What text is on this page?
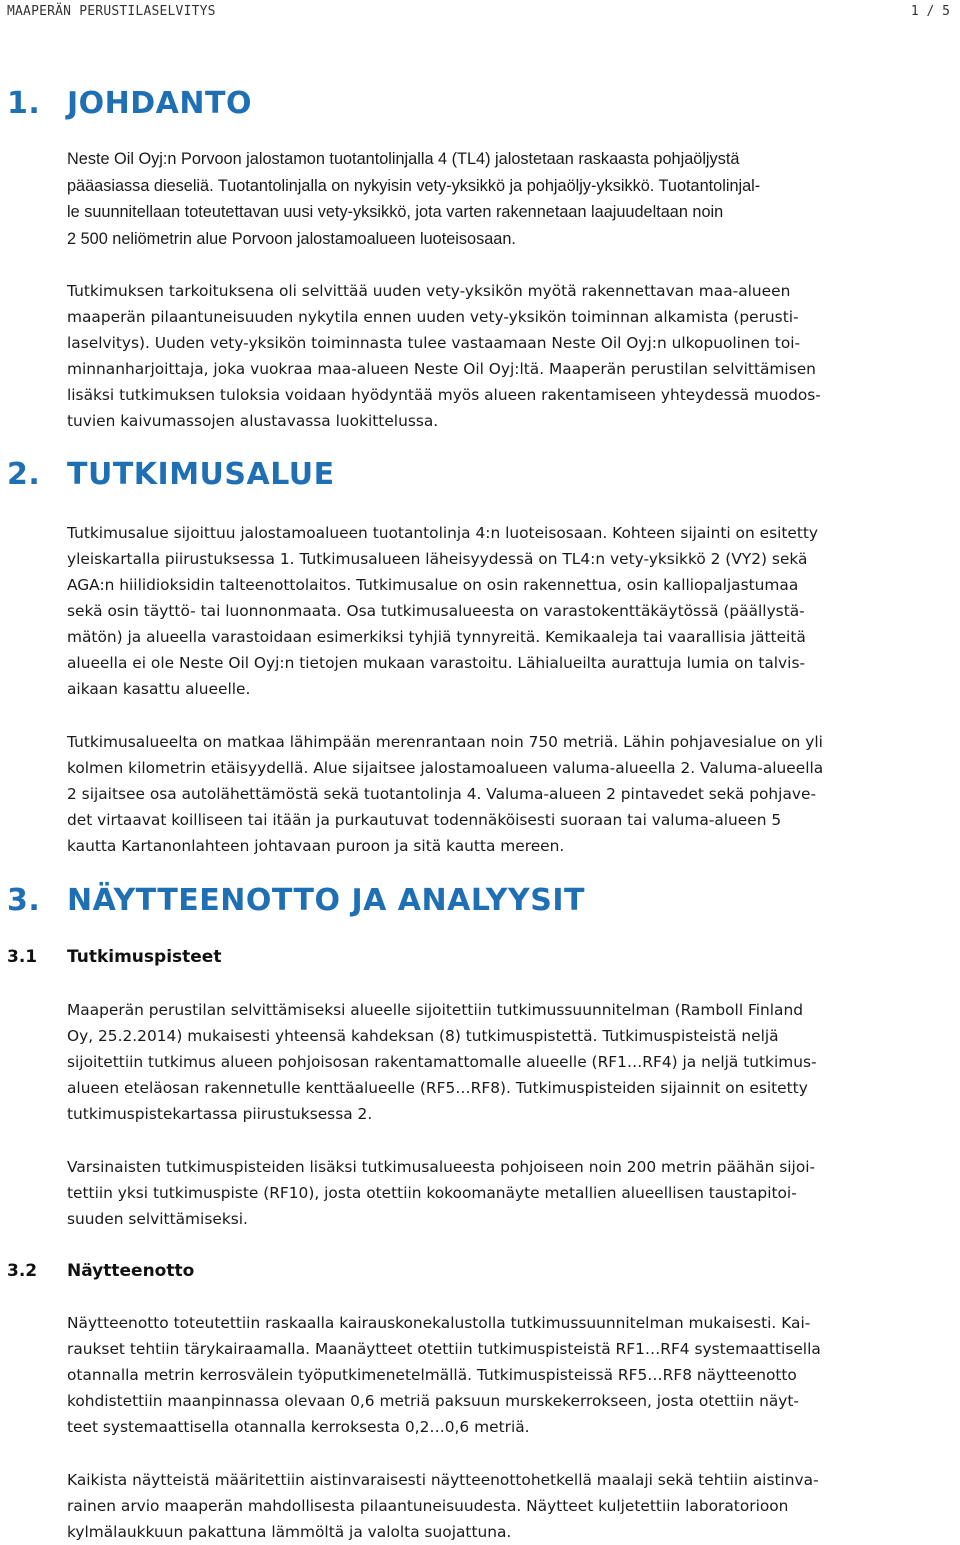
MAAPERÄN PERUSTILASELVITYS	1 / 5
1. JOHDANTO
Neste Oil Oyj:n Porvoon jalostamon tuotantolinjalla 4 (TL4) jalostetaan raskaasta pohjaöljystä
pääasiassa dieseliä. Tuotantolinjalla on nykyisin vety-yksikkö ja pohjaöljy-yksikkö. Tuotantolinjal-
le suunnitellaan toteutettavan uusi vety-yksikkö, jota varten rakennetaan laajuudeltaan noin
2 500 neliömetrin alue Porvoon jalostamoalueen luoteisosaan.
Tutkimuksen tarkoituksena oli selvittää uuden vety-yksikön myötä rakennettavan maa-alueen
maaperän pilaantuneisuuden nykytila ennen uuden vety-yksikön toiminnan alkamista (perusti-
laselvitys). Uuden vety-yksikön toiminnasta tulee vastaamaan Neste Oil Oyj:n ulkopuolinen toi-
minnanharjoittaja, joka vuokraa maa-alueen Neste Oil Oyj:ltä. Maaperän perustilan selvittämisen
lisäksi tutkimuksen tuloksia voidaan hyödyntää myös alueen rakentamiseen yhteydessä muodos-
tuvien kaivumassojen alustavassa luokittelussa.
2. TUTKIMUSALUE
Tutkimusalue sijoittuu jalostamoalueen tuotantolinja 4:n luoteisosaan. Kohteen sijainti on esitetty
yleiskartalla piirustuksessa 1. Tutkimusalueen läheisyydessä on TL4:n vety-yksikkö 2 (VY2) sekä
AGA:n hiilidioksidin talteenottolaitos. Tutkimusalue on osin rakennettua, osin kalliopaljastumaa
sekä osin täyttö- tai luonnonmaata. Osa tutkimusalueesta on varastokenttäkäytössä (päällystä-
mätön) ja alueella varastoidaan esimerkiksi tyhjiä tynnyreitä. Kemikaaleja tai vaarallisia jätteitä
alueella ei ole Neste Oil Oyj:n tietojen mukaan varastoitu. Lähialueilta aurattuja lumia on talvis-
aikaan kasattu alueelle.
Tutkimusalueelta on matkaa lähimpään merenrantaan noin 750 metriä. Lähin pohjavesialue on yli
kolmen kilometrin etäisyydellä. Alue sijaitsee jalostamoalueen valuma-alueella 2. Valuma-alueella
2 sijaitsee osa autolähettämöstä sekä tuotantolinja 4. Valuma-alueen 2 pintavedet sekä pohjave-
det virtaavat koilliseen tai itään ja purkautuvat todennäköisesti suoraan tai valuma-alueen 5
kautta Kartanonlahteen johtavaan puroon ja sitä kautta mereen.
3. NÄYTTEENOTTO JA ANALYYSIT
3.1 Tutkimuspisteet
Maaperän perustilan selvittämiseksi alueelle sijoitettiin tutkimussuunnitelman (Ramboll Finland
Oy, 25.2.2014) mukaisesti yhteensä kahdeksan (8) tutkimuspistettä. Tutkimuspisteistä neljä
sijoitettiin tutkimus alueen pohjoisosan rakentamattomalle alueelle (RF1…RF4) ja neljä tutkimus-
alueen eteläosan rakennetulle kenttäalueelle (RF5…RF8). Tutkimuspisteiden sijainnit on esitetty
tutkimuspistekartassa piirustuksessa 2.
Varsinaisten tutkimuspisteiden lisäksi tutkimusalueesta pohjoiseen noin 200 metrin päähän sijoi-
tettiin yksi tutkimuspiste (RF10), josta otettiin kokoomanäyte metallien alueellisen taustapitoi-
suuden selvittämiseksi.
3.2 Näytteenotto
Näytteenotto toteutettiin raskaalla kairauskonekalustolla tutkimussuunnitelman mukaisesti. Kai-
raukset tehtiin tärykairaamalla. Maanäytteet otettiin tutkimuspisteistä RF1…RF4 systemaattisella
otannalla metrin kerrosvälein työputkimenetelmällä. Tutkimuspisteissä RF5…RF8 näytteenotto
kohdistettiin maanpinnassa olevaan 0,6 metriä paksuun murskekerrokseen, josta otettiin näyt-
teet systemaattisella otannalla kerroksesta 0,2…0,6 metriä.
Kaikista näytteistä määritettiin aistinvaraisesti näytteenottohetkellä maalaji sekä tehtiin aistinva-
rainen arvio maaperän mahdollisesta pilaantuneisuudesta. Näytteet kuljetettiin laboratorioon
kylmälaukkuun pakattuna lämmöltä ja valolta suojattuna.
